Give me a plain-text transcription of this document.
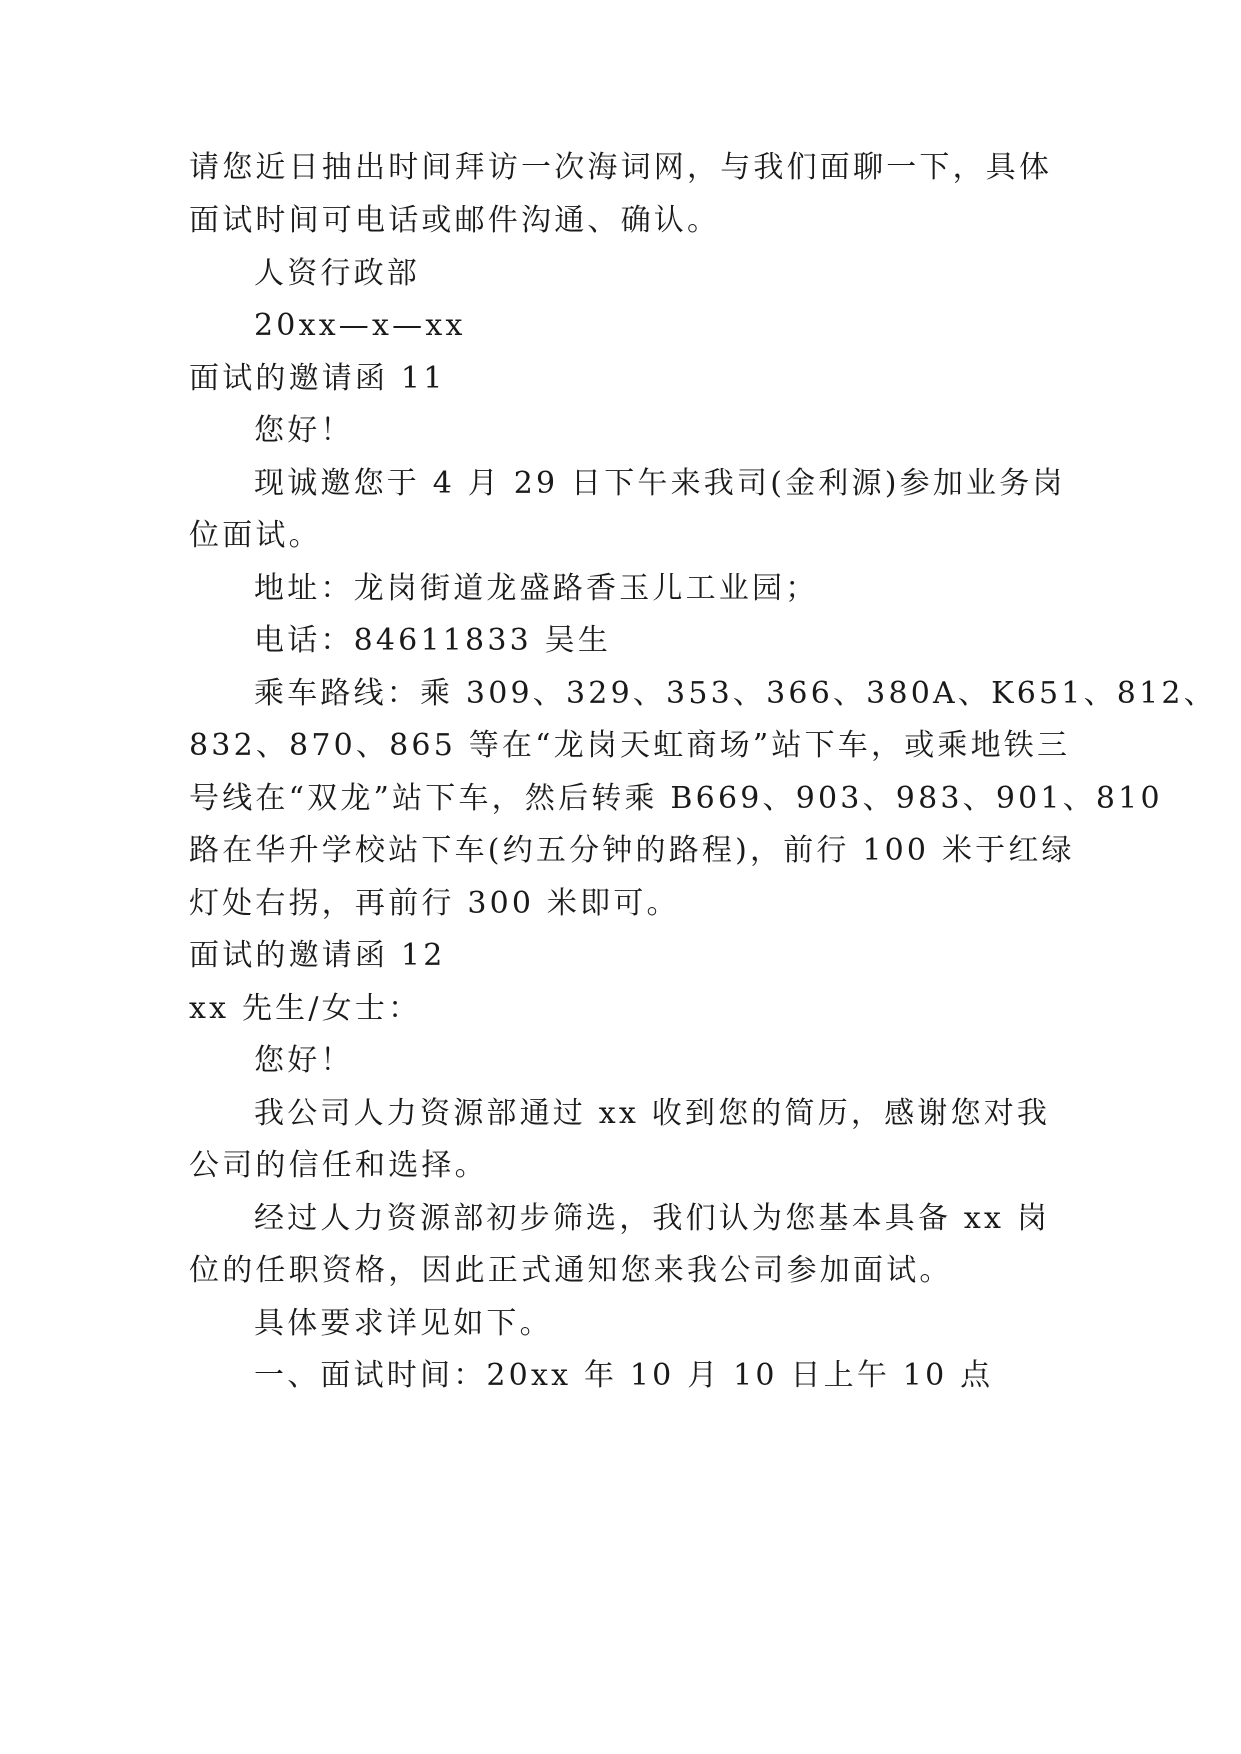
请您近日抽出时间拜访一次海词网，与我们面聊一下，具体
面试时间可电话或邮件沟通、确认。
人资行政部
20xx—x—xx
面试的邀请函 11
您好！
现诚邀您于 4 月 29 日下午来我司(金利源)参加业务岗
位面试。
地址：龙岗街道龙盛路香玉儿工业园；
电话：84611833 吴生
乘车路线：乘 309、329、353、366、380A、K651、812、
832、870、865 等在“龙岗天虹商场”站下车，或乘地铁三
号线在“双龙”站下车，然后转乘 B669、903、983、901、810
路在华升学校站下车(约五分钟的路程)，前行 100 米于红绿
灯处右拐，再前行 300 米即可。
面试的邀请函 12
xx 先生/女士：
您好！
我公司人力资源部通过 xx 收到您的简历，感谢您对我
公司的信任和选择。
经过人力资源部初步筛选，我们认为您基本具备 xx 岗
位的任职资格，因此正式通知您来我公司参加面试。
具体要求详见如下。
一、面试时间：20xx 年 10 月 10 日上午 10 点
